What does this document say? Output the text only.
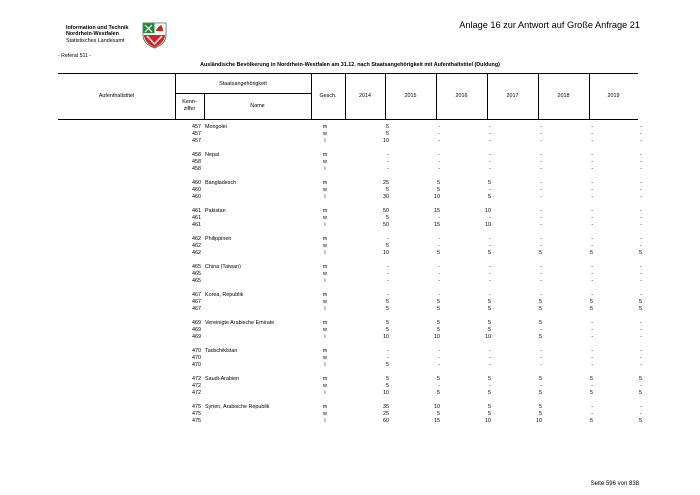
Information und Technik
Nordrhein-Westfalen
Statistisches Landesamt
Anlage 16 zur Antwort auf Große Anfrage 21
- Referat 511 -
Ausländische Bevölkerung in Nordrhein-Westfalen am 31.12. nach Staatsangehörigkeit mit Aufenthaltstitel (Duldung)
Aufenthaltstitel
Staatsangehörigkeit
Kenn-
ziffer	Name
Gesch.	2014	2015	2016	2017	2018	2019
457 Mongolei	m	5	-	-	-	-	-
457	w	5	-	-	-	-	-
457	i	10	-	-	-	-	-
458 Nepal	m	-	-	-	-	-	-
458	w	-	-	-	-	-	-
458	i	-	-	-	-	-	-
460 Bangladesch	m	25	5	5	-	-	-
460	w	5	5	-	-	-	-
460	i	30	10	5	-	-	-
461 Pakistan	m	50	15	10	-	-	-
461	w	5	-	-	-	-	-
461	i	50	15	10	-	-	-
462 Philippinen	m	-	-	-	-	-	-
462	w	5	-	-	-	-	-
462	i	10	5	5	5	5	5
465 China (Taiwan)	m	-	-	-	-	-	-
465	w	-	-	-	-	-	-
465	i	-	-	-	-	-	-
467 Korea, Republik	m	-	-	-	-	-	-
467	w	5	5	5	5	5	5
467	i	5	5	5	5	5	5
469 Vereinigte Arabische Emirate	m	5	5	5	5	-	-
469	w	5	5	5	-	-	-
469	i	10	10	10	5	-	-
470 Tadschikistan	m	-	-	-	-	-	-
470	w	-	-	-	-	-	-
470	i	5	-	-	-	-	-
472 Saudi-Arabien	m	5	5	5	5	5	5
472	w	5	-	-	-	-	-
472	i	10	5	5	5	5	5
475 Syrien, Arabische Republik	m	35	10	5	5	-	-
475	w	25	5	5	5	-	-
475	i	60	15	10	10	5	5
Seite 596 von 838
